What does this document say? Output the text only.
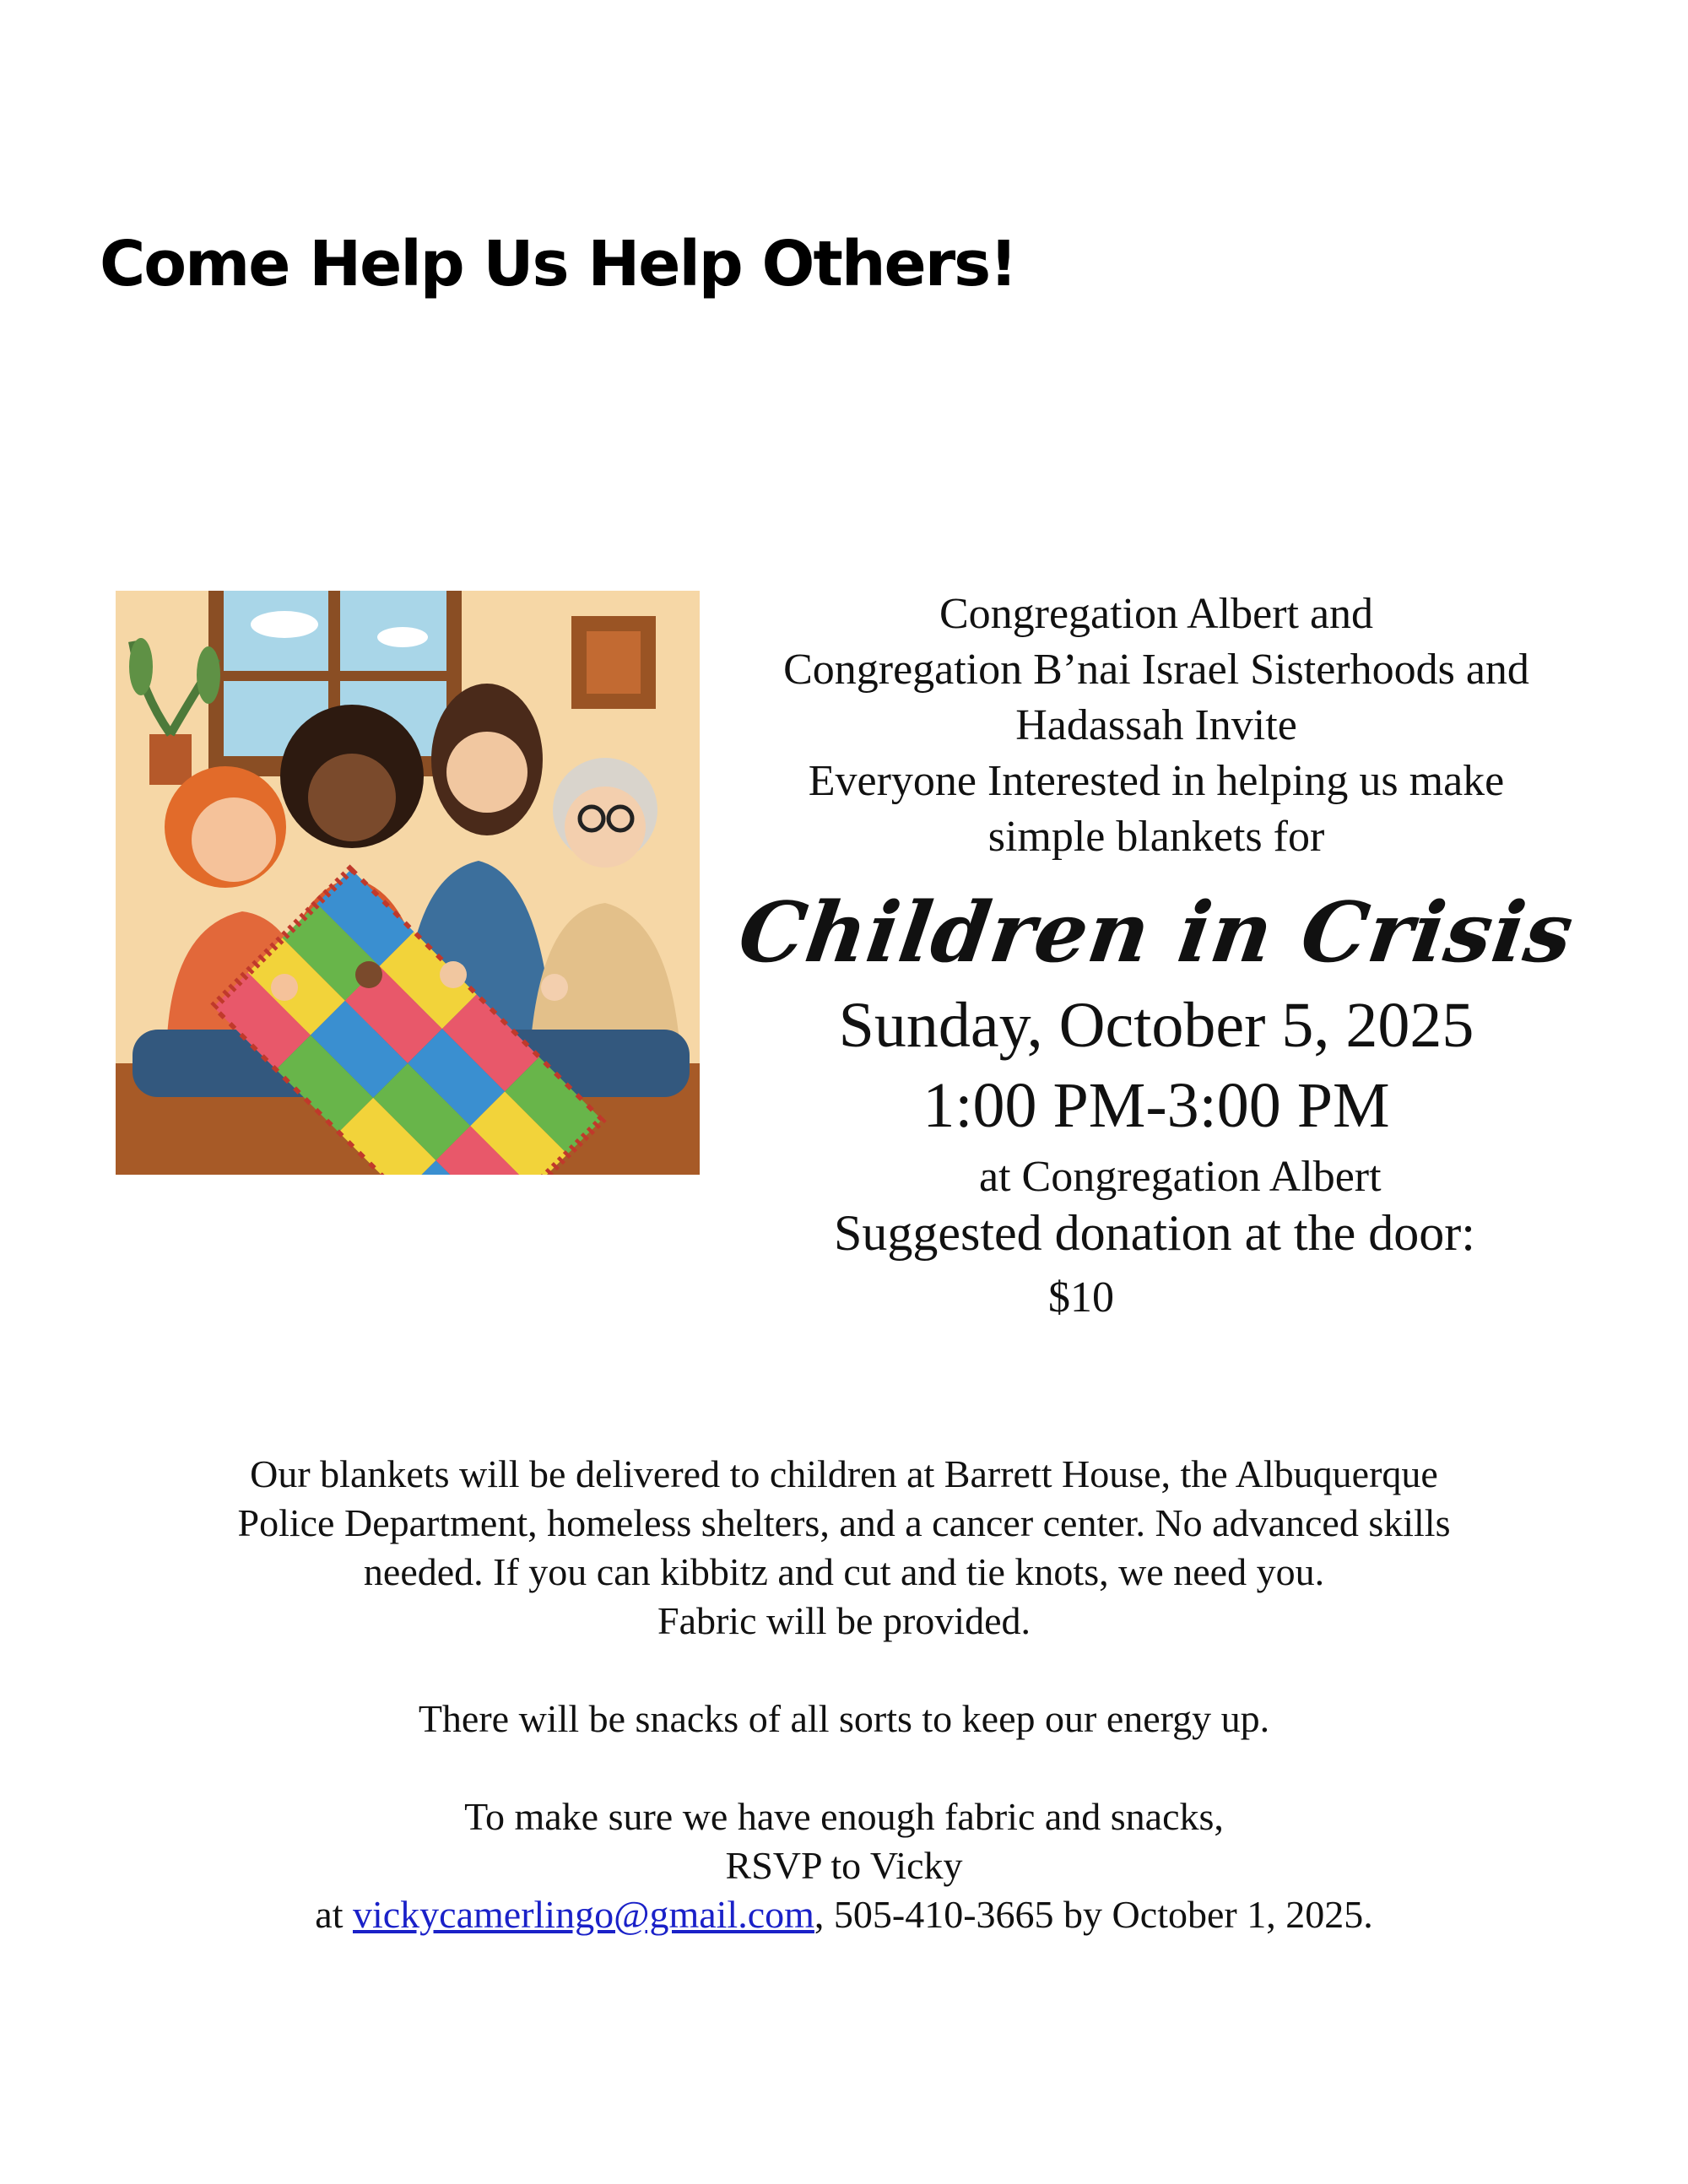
Come Help Us Help Others!
Congregation Albert and
Congregation B’nai Israel Sisterhoods and
Hadassah Invite
Everyone Interested in helping us make
simple blankets for
Children in Crisis
Sunday, October 5, 2025
1:00 PM-3:00 PM
at Congregation Albert
Suggested donation at the door:
$10
Our blankets will be delivered to children at Barrett House, the Albuquerque
Police Department, homeless shelters, and a cancer center. No advanced skills
needed. If you can kibbitz and cut and tie knots, we need you.
Fabric will be provided.
There will be snacks of all sorts to keep our energy up.
To make sure we have enough fabric and snacks,
RSVP to Vicky
at vickycamerlingo@gmail.com, 505-410-3665 by October 1, 2025.
